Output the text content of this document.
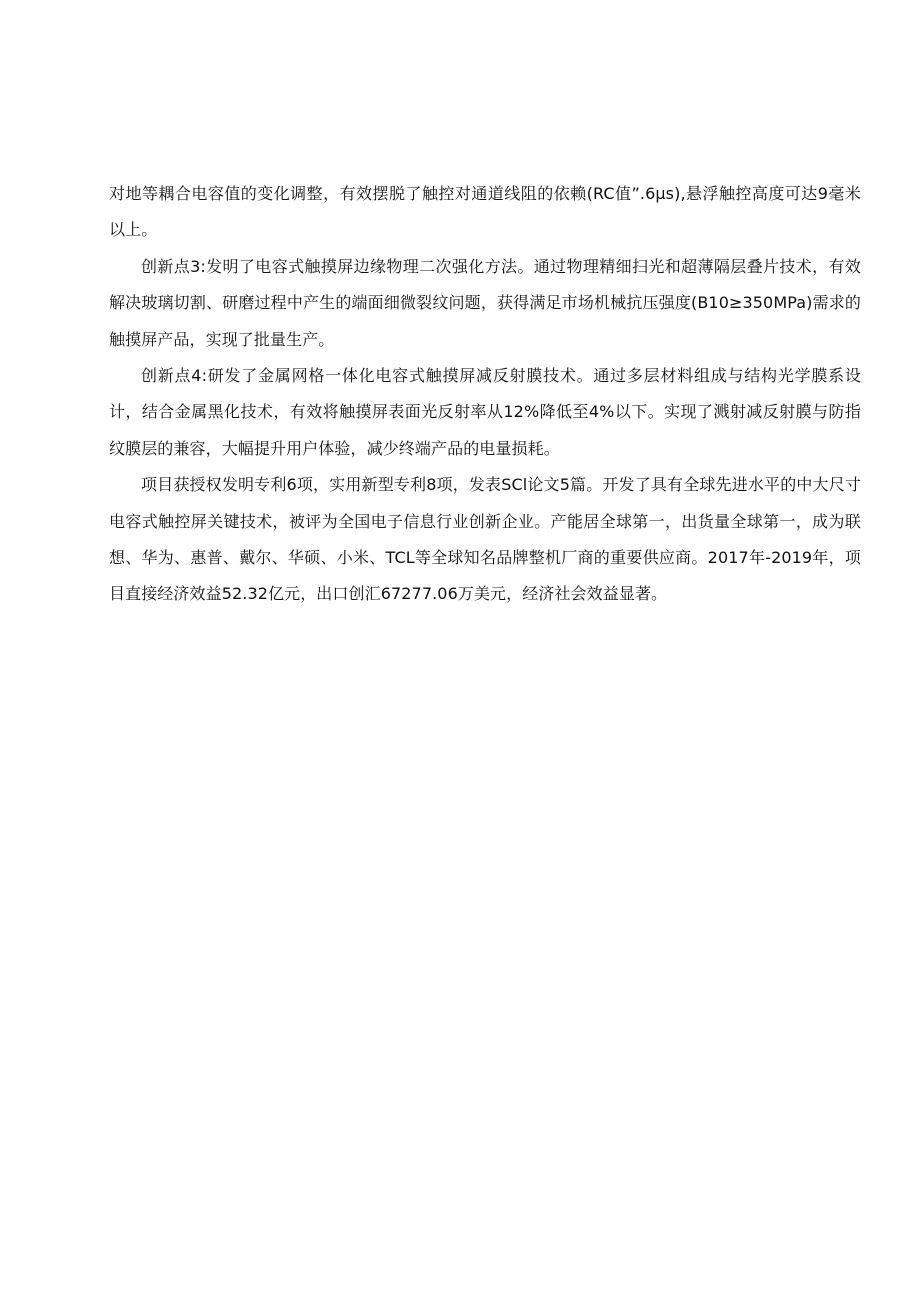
对地等耦合电容值的变化调整，有效摆脱了触控对通道线阻的依赖(RC值”.6μs),悬浮触控高度可达9毫米以上。

创新点3:发明了电容式触摸屏边缘物理二次强化方法。通过物理精细扫光和超薄隔层叠片技术，有效解决玻璃切割、研磨过程中产生的端面细微裂纹问题，获得满足市场机械抗压强度(B10≥350MPa)需求的触摸屏产品，实现了批量生产。

创新点4:研发了金属网格一体化电容式触摸屏减反射膜技术。通过多层材料组成与结构光学膜系设计，结合金属黑化技术，有效将触摸屏表面光反射率从12%降低至4%以下。实现了溅射减反射膜与防指纹膜层的兼容，大幅提升用户体验，减少终端产品的电量损耗。

项目获授权发明专利6项，实用新型专利8项，发表SCl论文5篇。开发了具有全球先进水平的中大尺寸电容式触控屏关键技术，被评为全国电子信息行业创新企业。产能居全球第一，出货量全球第一，成为联想、华为、惠普、戴尔、华硕、小米、TCL等全球知名品牌整机厂商的重要供应商。2017年-2019年，项目直接经济效益52.32亿元，出口创汇67277.06万美元，经济社会效益显著。
